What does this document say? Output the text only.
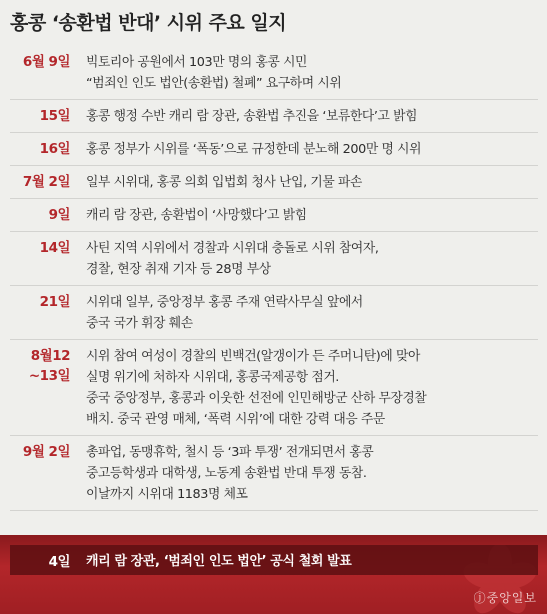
홍콩 ‘송환법 반대’ 시위 주요 일지
6월 9일 빅토리아 공원에서 103만 명의 홍콩 시민
“범죄인 인도 법안(송환법) 철폐” 요구하며 시위
15일 홍콩 행정 수반 캐리 람 장관, 송환법 추진을 ‘보류한다’고 밝힘
16일 홍콩 정부가 시위를 ‘폭동’으로 규정한데 분노해 200만 명 시위
7월 2일 일부 시위대, 홍콩 의회 입법회 청사 난입, 기물 파손
9일 캐리 람 장관, 송환법이 ‘사망했다’고 밝힘
14일 사틴 지역 시위에서 경찰과 시위대 충돌로 시위 참여자,
경찰, 현장 취재 기자 등 28명 부상
21일 시위대 일부, 중앙정부 홍콩 주재 연락사무실 앞에서
중국 국가 휘장 훼손
8월12
~13일
시위 참여 여성이 경찰의 빈백건(알갱이가 든 주머니탄)에 맞아
실명 위기에 처하자 시위대, 홍콩국제공항 점거.
중국 중앙정부, 홍콩과 이웃한 선전에 인민해방군 산하 무장경찰
배치. 중국 관영 매체, ‘폭력 시위’에 대한 강력 대응 주문
9월 2일 총파업, 동맹휴학, 철시 등 ‘3파 투쟁’ 전개되면서 홍콩
중고등학생과 대학생, 노동계 송환법 반대 투쟁 동참.
이날까지 시위대 1183명 체포
4일 캐리 람 장관, ‘범죄인 인도 법안’ 공식 철회 발표
ⓙ중앙일보
